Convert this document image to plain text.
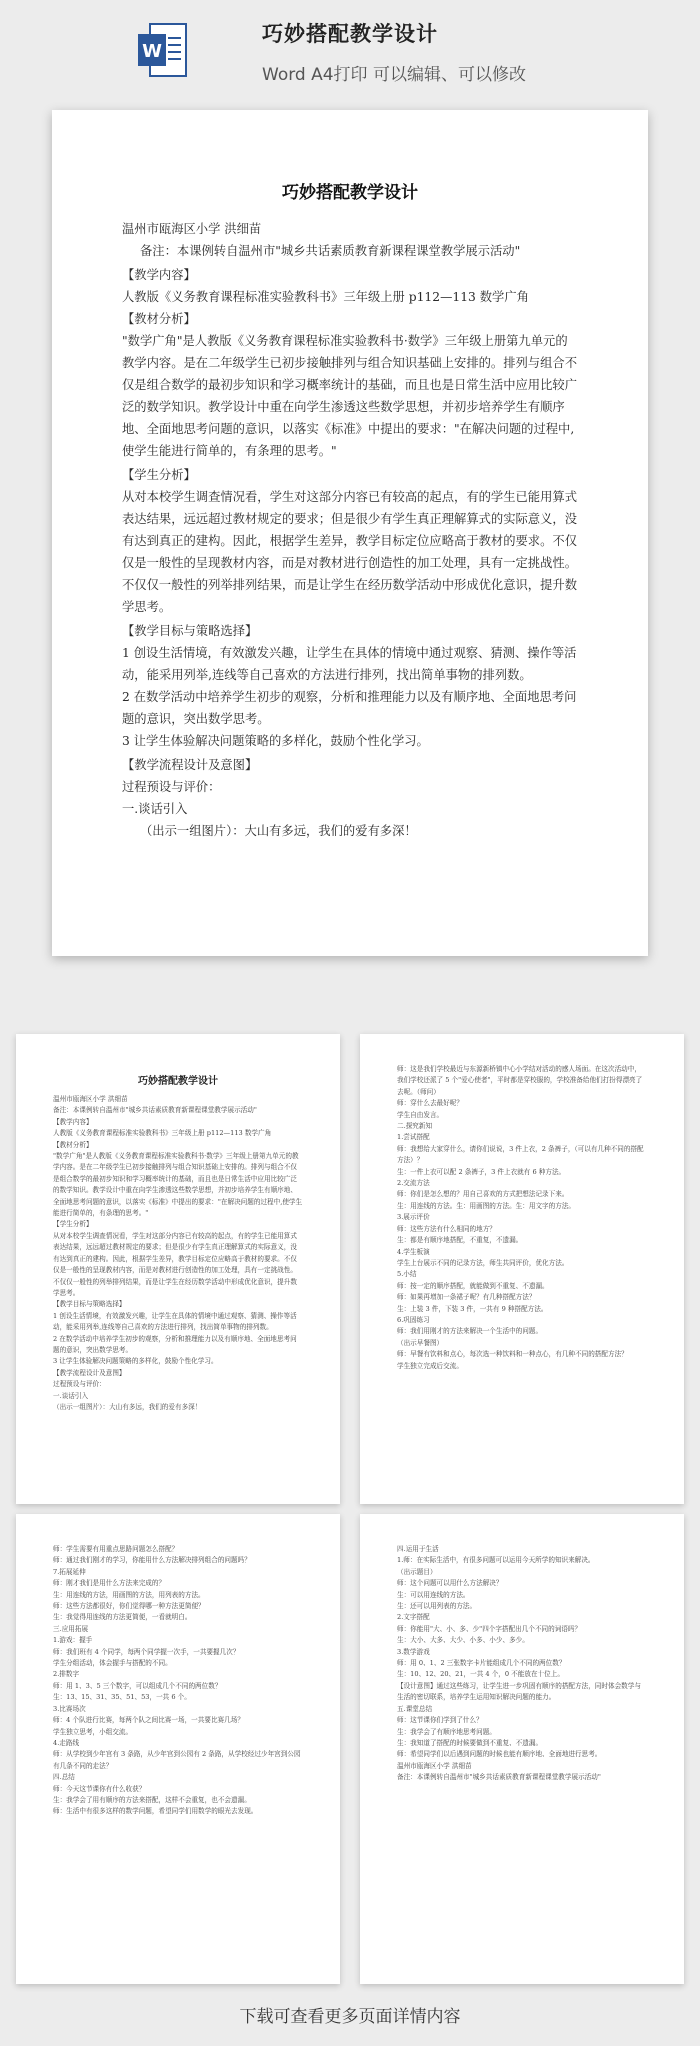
W
巧妙搭配教学设计
Word A4打印 可以编辑、可以修改
巧妙搭配教学设计

温州市瓯海区小学 洪细苗

备注：本课例转自温州市"城乡共话素质教育新课程课堂教学展示活动"

【教学内容】

人教版《义务教育课程标准实验教科书》三年级上册 p112—113 数学广角

【教材分析】

"数学广角"是人教版《义务教育课程标准实验教科书·数学》三年级上册第九单元的教学内容。是在二年级学生已初步接触排列与组合知识基础上安排的。排列与组合不仅是组合数学的最初步知识和学习概率统计的基础，而且也是日常生活中应用比较广泛的数学知识。教学设计中重在向学生渗透这些数学思想，并初步培养学生有顺序地、全面地思考问题的意识，以落实《标准》中提出的要求："在解决问题的过程中,使学生能进行简单的，有条理的思考。"

【学生分析】

从对本校学生调查情况看，学生对这部分内容已有较高的起点，有的学生已能用算式表达结果，远远超过教材规定的要求；但是很少有学生真正理解算式的实际意义，没有达到真正的建构。因此，根据学生差异，教学目标定位应略高于教材的要求。不仅仅是一般性的呈现教材内容，而是对教材进行创造性的加工处理，具有一定挑战性。不仅仅一般性的列举排列结果，而是让学生在经历数学活动中形成优化意识，提升数学思考。

【教学目标与策略选择】

1 创设生活情境，有效激发兴趣，让学生在具体的情境中通过观察、猜测、操作等活动，能采用列举,连线等自己喜欢的方法进行排列，找出简单事物的排列数。

2 在数学活动中培养学生初步的观察，分析和推理能力以及有顺序地、全面地思考问题的意识，突出数学思考。

3 让学生体验解决问题策略的多样化，鼓励个性化学习。

【教学流程设计及意图】

过程预设与评价：

一.谈话引入

（出示一组图片）：大山有多远，我们的爱有多深！

巧妙搭配教学设计

温州市瓯海区小学 洪细苗

备注：本课例转自温州市"城乡共话素质教育新课程课堂教学展示活动"

【教学内容】

人教版《义务教育课程标准实验教科书》三年级上册 p112—113 数学广角

【教材分析】

"数学广角"是人教版《义务教育课程标准实验教科书·数学》三年级上册第九单元的教学内容。是在二年级学生已初步接触排列与组合知识基础上安排的。排列与组合不仅是组合数学的最初步知识和学习概率统计的基础，而且也是日常生活中应用比较广泛的数学知识。教学设计中重在向学生渗透这些数学思想，并初步培养学生有顺序地、全面地思考问题的意识，以落实《标准》中提出的要求："在解决问题的过程中,使学生能进行简单的，有条理的思考。"

【学生分析】

从对本校学生调查情况看，学生对这部分内容已有较高的起点，有的学生已能用算式表达结果，远远超过教材规定的要求；但是很少有学生真正理解算式的实际意义，没有达到真正的建构。因此，根据学生差异，教学目标定位应略高于教材的要求。不仅仅是一般性的呈现教材内容，而是对教材进行创造性的加工处理，具有一定挑战性。不仅仅一般性的列举排列结果，而是让学生在经历数学活动中形成优化意识，提升数学思考。

【教学目标与策略选择】

1 创设生活情境，有效激发兴趣，让学生在具体的情境中通过观察、猜测、操作等活动，能采用列举,连线等自己喜欢的方法进行排列，找出简单事物的排列数。

2 在数学活动中培养学生初步的观察，分析和推理能力以及有顺序地、全面地思考问题的意识，突出数学思考。

3 让学生体验解决问题策略的多样化，鼓励个性化学习。

【教学流程设计及意图】

过程预设与评价：

一.谈话引入

（出示一组图片）：大山有多远，我们的爱有多深！

师：这是我们学校最近与东源新桥镇中心小学结对活动的感人场面。在这次活动中，我们学校还派了 5 个"爱心使者"，平时都是穿校服的，学校准备给他们打扮得漂亮了去呢。（师问）

师：穿什么去最好呢？

学生自由发言。

二.探究新知

1.尝试搭配

师：我想给大家穿什么，请你们说说，3 件上衣，2 条裤子，（可以有几种不同的搭配方法）？

生：一件上衣可以配 2 条裤子，3 件上衣就有 6 种方法。

2.交流方法

师：你们是怎么想的？用自己喜欢的方式把想法记录下来。

生：用连线的方法。生：用画图的方法。生：用文字的方法。

3.展示评价

师：这些方法有什么相同的地方？

生：都是有顺序地搭配，不重复，不遗漏。

4.学生板演

学生上台展示不同的记录方法，师生共同评价，优化方法。

5.小结

师：按一定的顺序搭配，就能做到不重复、不遗漏。

师：如果再增加一条裙子呢？有几种搭配方法？

生：上装 3 件，下装 3 件，一共有 9 种搭配方法。

6.巩固练习

师：我们用刚才的方法来解决一个生活中的问题。

（出示早餐图）

师：早餐有饮料和点心，每次选一种饮料和一种点心，有几种不同的搭配方法？

学生独立完成后交流。

师：学生需要有用重点思路问题怎么搭配？

师：通过我们刚才的学习，你能用什么方法解决排列组合的问题吗？

7.拓展延伸

师：刚才我们是用什么方法来完成的？

生：用连线的方法，用画图的方法，用列表的方法。

师：这些方法都很好，你们觉得哪一种方法更简便？

生：我觉得用连线的方法更简便，一看就明白。

三.应用拓展

1.游戏：握手

师：我们班有 4 个同学，每两个同学握一次手，一共要握几次？

学生分组活动，体会握手与搭配的不同。

2.排数字

师：用 1、3、5 三个数字，可以组成几个不同的两位数？

生：13、15、31、35、51、53，一共 6 个。

3.比赛场次

师：4 个队进行比赛，每两个队之间比赛一场，一共要比赛几场？

学生独立思考，小组交流。

4.走路线

师：从学校到少年宫有 3 条路，从少年宫到公园有 2 条路，从学校经过少年宫到公园有几条不同的走法？

四.总结

师：今天这节课你有什么收获？

生：我学会了用有顺序的方法来搭配，这样不会重复，也不会遗漏。

师：生活中有很多这样的数学问题，希望同学们用数学的眼光去发现。

四.运用于生活

1.师：在实际生活中，有很多问题可以运用今天所学的知识来解决。

（出示题目）

师：这个问题可以用什么方法解决？

生：可以用连线的方法。

生：还可以用列表的方法。

2.文字搭配

师：你能用"大、小、多、少"四个字搭配出几个不同的词语吗？

生：大小、大多、大少、小多、小少、多少。

3.数学游戏

师：用 0、1、2 三张数字卡片能组成几个不同的两位数？

生：10、12、20、21，一共 4 个，0 不能放在十位上。

【设计意图】通过这些练习，让学生进一步巩固有顺序的搭配方法，同时体会数学与生活的密切联系，培养学生运用知识解决问题的能力。

五.课堂总结

师：这节课你们学到了什么？

生：我学会了有顺序地思考问题。

生：我知道了搭配的时候要做到不重复、不遗漏。

师：希望同学们以后遇到问题的时候也能有顺序地、全面地进行思考。

温州市瓯海区小学 洪细苗

备注：本课例转自温州市"城乡共话素质教育新课程课堂教学展示活动"

下载可查看更多页面详情内容
